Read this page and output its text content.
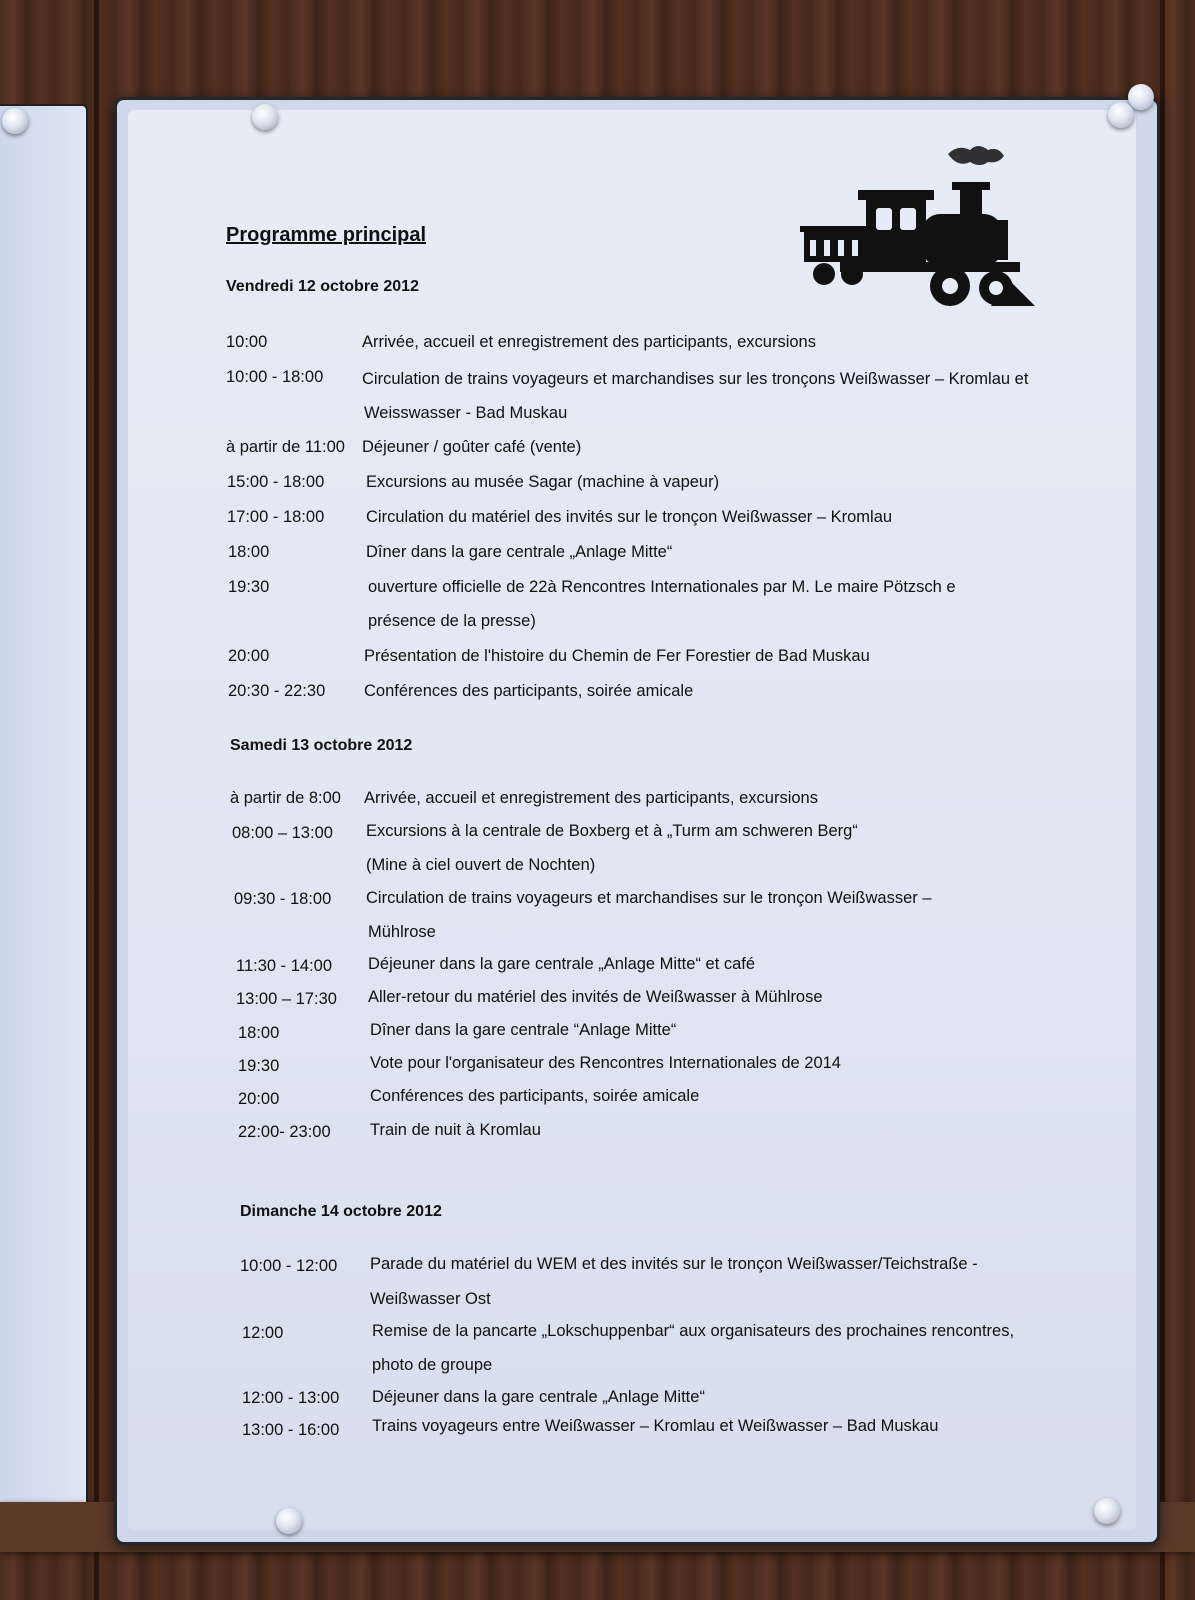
Programme principal
Vendredi 12 octobre 2012
10:00	Arrivée, accueil et enregistrement des participants, excursions
10:00 - 18:00 Circulation de trains voyageurs et marchandises sur les tronçons Weißwasser – Kromlau et
Weisswasser - Bad Muskau
à partir de 11:00 Déjeuner / goûter café (vente)
15:00 - 18:00	Excursions au musée Sagar (machine à vapeur)
17:00 - 18:00	Circulation du matériel des invités sur le tronçon Weißwasser – Kromlau
18:00	Dîner dans la gare centrale „Anlage Mitte“
19:30	ouverture officielle de 22à Rencontres Internationales par M. Le maire Pötzsch e
présence de la presse)
20:00	Présentation de l'histoire du Chemin de Fer Forestier de Bad Muskau
20:30 - 22:30 Conférences des participants, soirée amicale
Samedi 13 octobre 2012
à partir de 8:00 Arrivée, accueil et enregistrement des participants, excursions
08:00 – 13:00 Excursions à la centrale de Boxberg et à „Turm am schweren Berg“
(Mine à ciel ouvert de Nochten)
09:30 - 18:00 Circulation de trains voyageurs et marchandises sur le tronçon Weißwasser –
Mühlrose
11:30 - 14:00 Déjeuner dans la gare centrale „Anlage Mitte“ et café
13:00 – 17:30 Aller-retour du matériel des invités de Weißwasser à Mühlrose
18:00	Dîner dans la gare centrale “Anlage Mitte“
19:30	Vote pour l'organisateur des Rencontres Internationales de 2014
20:00	Conférences des participants, soirée amicale
22:00- 23:00 Train de nuit à Kromlau
Dimanche 14 octobre 2012
10:00 - 12:00 Parade du matériel du WEM et des invités sur le tronçon Weißwasser/Teichstraße -
Weißwasser Ost
12:00	Remise de la pancarte „Lokschuppenbar“ aux organisateurs des prochaines rencontres,
photo de groupe
12:00 - 13:00 Déjeuner dans la gare centrale „Anlage Mitte“
13:00 - 16:00 Trains voyageurs entre Weißwasser – Kromlau et Weißwasser – Bad Muskau
